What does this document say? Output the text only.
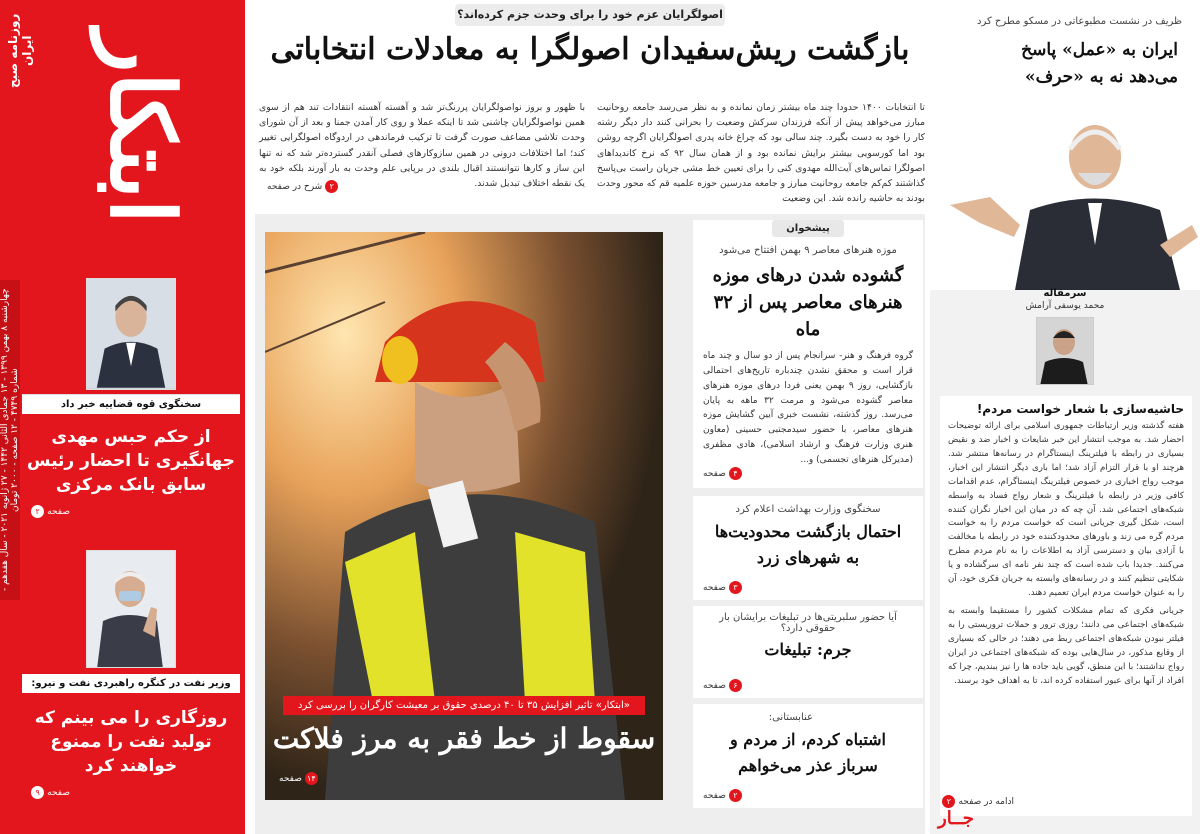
ابتکار
روزنامه صبح ایران
چهارشنبه ۸ بهمن ۱۳۹۹ - ۱۳ جمادی الثانی ۱۴۴۲ - ۲۷ ژانویه ۲۰۲۱ - سال هفدهم - شماره ۴۷۴۹ - ۱۲ صفحه - ۲۰۰۰ تومان
سخنگوی قوه قضاییه خبر داد
از حکم حبس مهدی جهانگیری تا احضار رئیس سابق بانک مرکزی
صفحه
۲
وزیر نفت در کنگره راهبردی نفت و نیرو:
روزگاری را می بینم که تولید نفت را ممنوع خواهند کرد
صفحه
۹
اصولگرایان عزم خود را برای وحدت جزم کرده‌اند؟
بازگشت ریش‌سفیدان اصولگرا به معادلات انتخاباتی
تا انتخابات ۱۴۰۰ حدودا چند ماه بیشتر زمان نمانده و به نظر می‌رسد جامعه روحانیت مبارز می‌خواهد پیش از آنکه فرزندان سرکش وضعیت را بحرانی کنند دار دیگر رشته کار را خود به دست بگیرد. چند سالی بود که چراغ خانه پدری اصولگرایان اگرچه روشن بود اما کورسویی بیشتر برایش نمانده بود و از همان سال ۹۲ که نرخ کاندیداهای اصولگرا تماس‌های آیت‌الله مهدوی کنی را برای تعیین خط مشی جریان راست بی‌پاسخ گذاشتند کم‌کم جامعه روحانیت مبارز و جامعه مدرسین حوزه علمیه قم که محور وحدت بودند به حاشیه رانده شد. این وضعیت
با ظهور و بروز نواصولگرایان پررنگ‌تر شد و آهسته آهسته انتقادات تند هم از سوی همین نواصولگرایان چاشنی شد تا اینکه عملا و روی کار آمدن جمنا و بعد از آن شورای وحدت تلاشی مضاعف صورت گرفت تا ترکیب فرماندهی در اردوگاه اصولگرایی تغییر کند؛ اما اختلافات درونی در همین سازوکارهای فصلی آنقدر گسترده‌تر شد که نه تنها این ساز و کارها نتوانستند اقبال بلندی در برپایی علم وحدت به بار آورند بلکه خود به یک نقطه اختلاف تبدیل شدند.
۲
شرح در صفحه
«ابتکار» تاثیر افزایش ۳۵ تا ۴۰ درصدی حقوق بر معیشت کارگران را بررسی کرد
سقوط از خط فقر به مرز فلاکت
۱۴
صفحه
پیشخوان
موزه هنرهای معاصر ۹ بهمن افتتاح می‌شود
گشوده شدن درهای موزه هنرهای معاصر پس از ۳۲ ماه
گروه فرهنگ و هنر- سرانجام پس از دو سال و چند ماه قرار است و محقق نشدن چندباره تاریخ‌های احتمالی بازگشایی، روز ۹ بهمن یعنی فردا درهای موزه هنرهای معاصر گشوده می‌شود و مرمت ۳۲ ماهه به پایان می‌رسد. روز گذشته، نشست خبری آیین گشایش موزه هنرهای معاصر، با حضور سیدمجتبی حسینی (معاون هنری وزارت فرهنگ و ارشاد اسلامی)، هادی مظفری (مدیرکل هنرهای تجسمی) و...
۴
صفحه
سخنگوی وزارت بهداشت اعلام کرد
احتمال بازگشت محدودیت‌ها به شهرهای زرد
۳
صفحه
آیا حضور سلبریتی‌ها در تبلیغات برایشان بار حقوقی دارد؟
جرم: تبلیغات
۶
صفحه
عنابستانی:
اشتباه کردم، از مردم و سرباز عذر می‌خواهم
۲
صفحه
ظریف در نشست مطبوعاتی در مسکو مطرح کرد
ایران به «عمل» پاسخ می‌دهد نه به «حرف»
سرمقاله
محمد یوسفی آرامش
حاشیه‌سازی با شعار خواست مردم!
هفته گذشته وزیر ارتباطات جمهوری اسلامی برای ارائه توضیحات احضار شد. به موجب انتشار این خبر شایعات و اخبار ضد و نقیض بسیاری در رابطه با فیلترینگ اینستاگرام در رسانه‌ها منتشر شد. هرچند او با قرار التزام آزاد شد؛ اما باری دیگر انتشار این اخبار، موجب رواج اخباری در خصوص فیلترینگ اینستاگرام، عدم اقدامات کافی وزیر در رابطه با فیلترینگ و شعار رواج فساد به واسطه شبکه‌های اجتماعی شد. آن چه که در میان این اخبار نگران کننده است، شکل گیری جریانی است که خواست مردم را به خواست مردم گره می زند و باورهای محدودکننده خود در رابطه با مخالفت با آزادی بیان و دسترسی آزاد به اطلاعات را به نام مردم مطرح می‌کنند. جدیدا باب شده است که چند نفر نامه ای سرگشاده و یا شکایتی تنظیم کنند و در رسانه‌های وابسته به جریان فکری خود، آن را به عنوان خواست مردم ایران تعمیم دهند.
جریانی فکری که تمام مشکلات کشور را مستقیما وابسته به شبکه‌های اجتماعی می دانند؛ روزی ترور و حملات تروریستی را به فیلتر نبودن شبکه‌های اجتماعی ربط می دهند؛ در حالی که بسیاری از وقایع مذکور، در سال‌هایی بوده که شبکه‌های اجتماعی در ایران رواج نداشتند؛ با این منطق، گویی باید جاده ها را نیز ببندیم، چرا که افراد از آنها برای عبور استفاده کرده اند، تا به اهداف خود برسند.
ادامه در صفحه
۲
جــار
